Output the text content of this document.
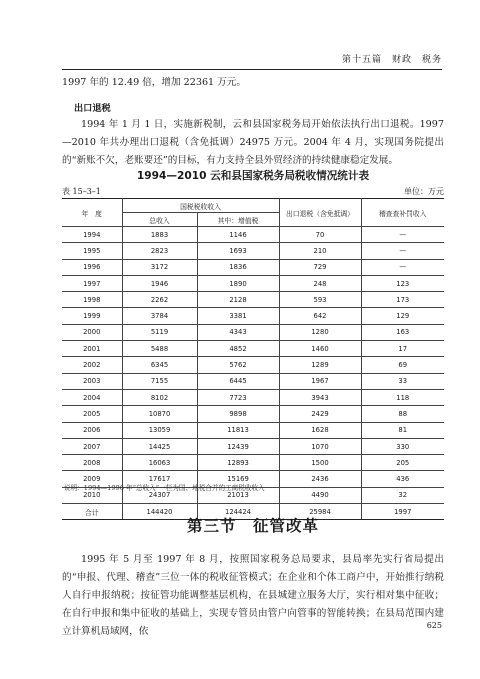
第十五篇　财政　税务
1997 年的 12.49 倍，增加 22361 万元。
出口退税
1994 年 1 月 1 日，实施新税制，云和县国家税务局开始依法执行出口退税。1997—2010 年共办理出口退税（含免抵调）24975 万元。2004 年 4 月，实现国务院提出的“新账不欠，老账要还”的目标，有力支持全县外贸经济的持续健康稳定发展。
1994—2010 云和县国家税务局税收情况统计表
表 15–3–1	单位：万元
年　度	国税税收收入		出口退税（含免抵调）	稽查查补罚收入
	总收入	其中：增值税		
1994	1883	1146	70	—
1995	2823	1693	210	—
1996	3172	1836	729	—
1997	1946	1890	248	123
1998	2262	2128	593	173
1999	3784	3381	642	129
2000	5119	4343	1280	163
2001	5488	4852	1460	17
2002	6345	5762	1289	69
2003	7155	6445	1967	33
2004	8102	7723	3943	118
2005	10870	9898	2429	88
2006	13059	11813	1628	81
2007	14425	12439	1070	330
2008	16063	12893	1500	205
2009	17617	15169	2436	436
2010	24307	21013	4490	32
合计	144420	124424	25984	1997
说明：1994—1996 年“总收入”一栏为国、地税合并的工商税收收入
第三节　征管改革
1995 年 5 月至 1997 年 8 月，按照国家税务总局要求，县局率先实行省局提出的“申报、代理、稽查”三位一体的税收征管模式；在企业和个体工商户中，开始推行纳税人自行申报纳税；按征管功能调整基层机构，在县城建立服务大厅，实行相对集中征收；在自行申报和集中征收的基础上，实现专管员由管户向管事的智能转换；在县局范围内建立计算机局域网，依
625
